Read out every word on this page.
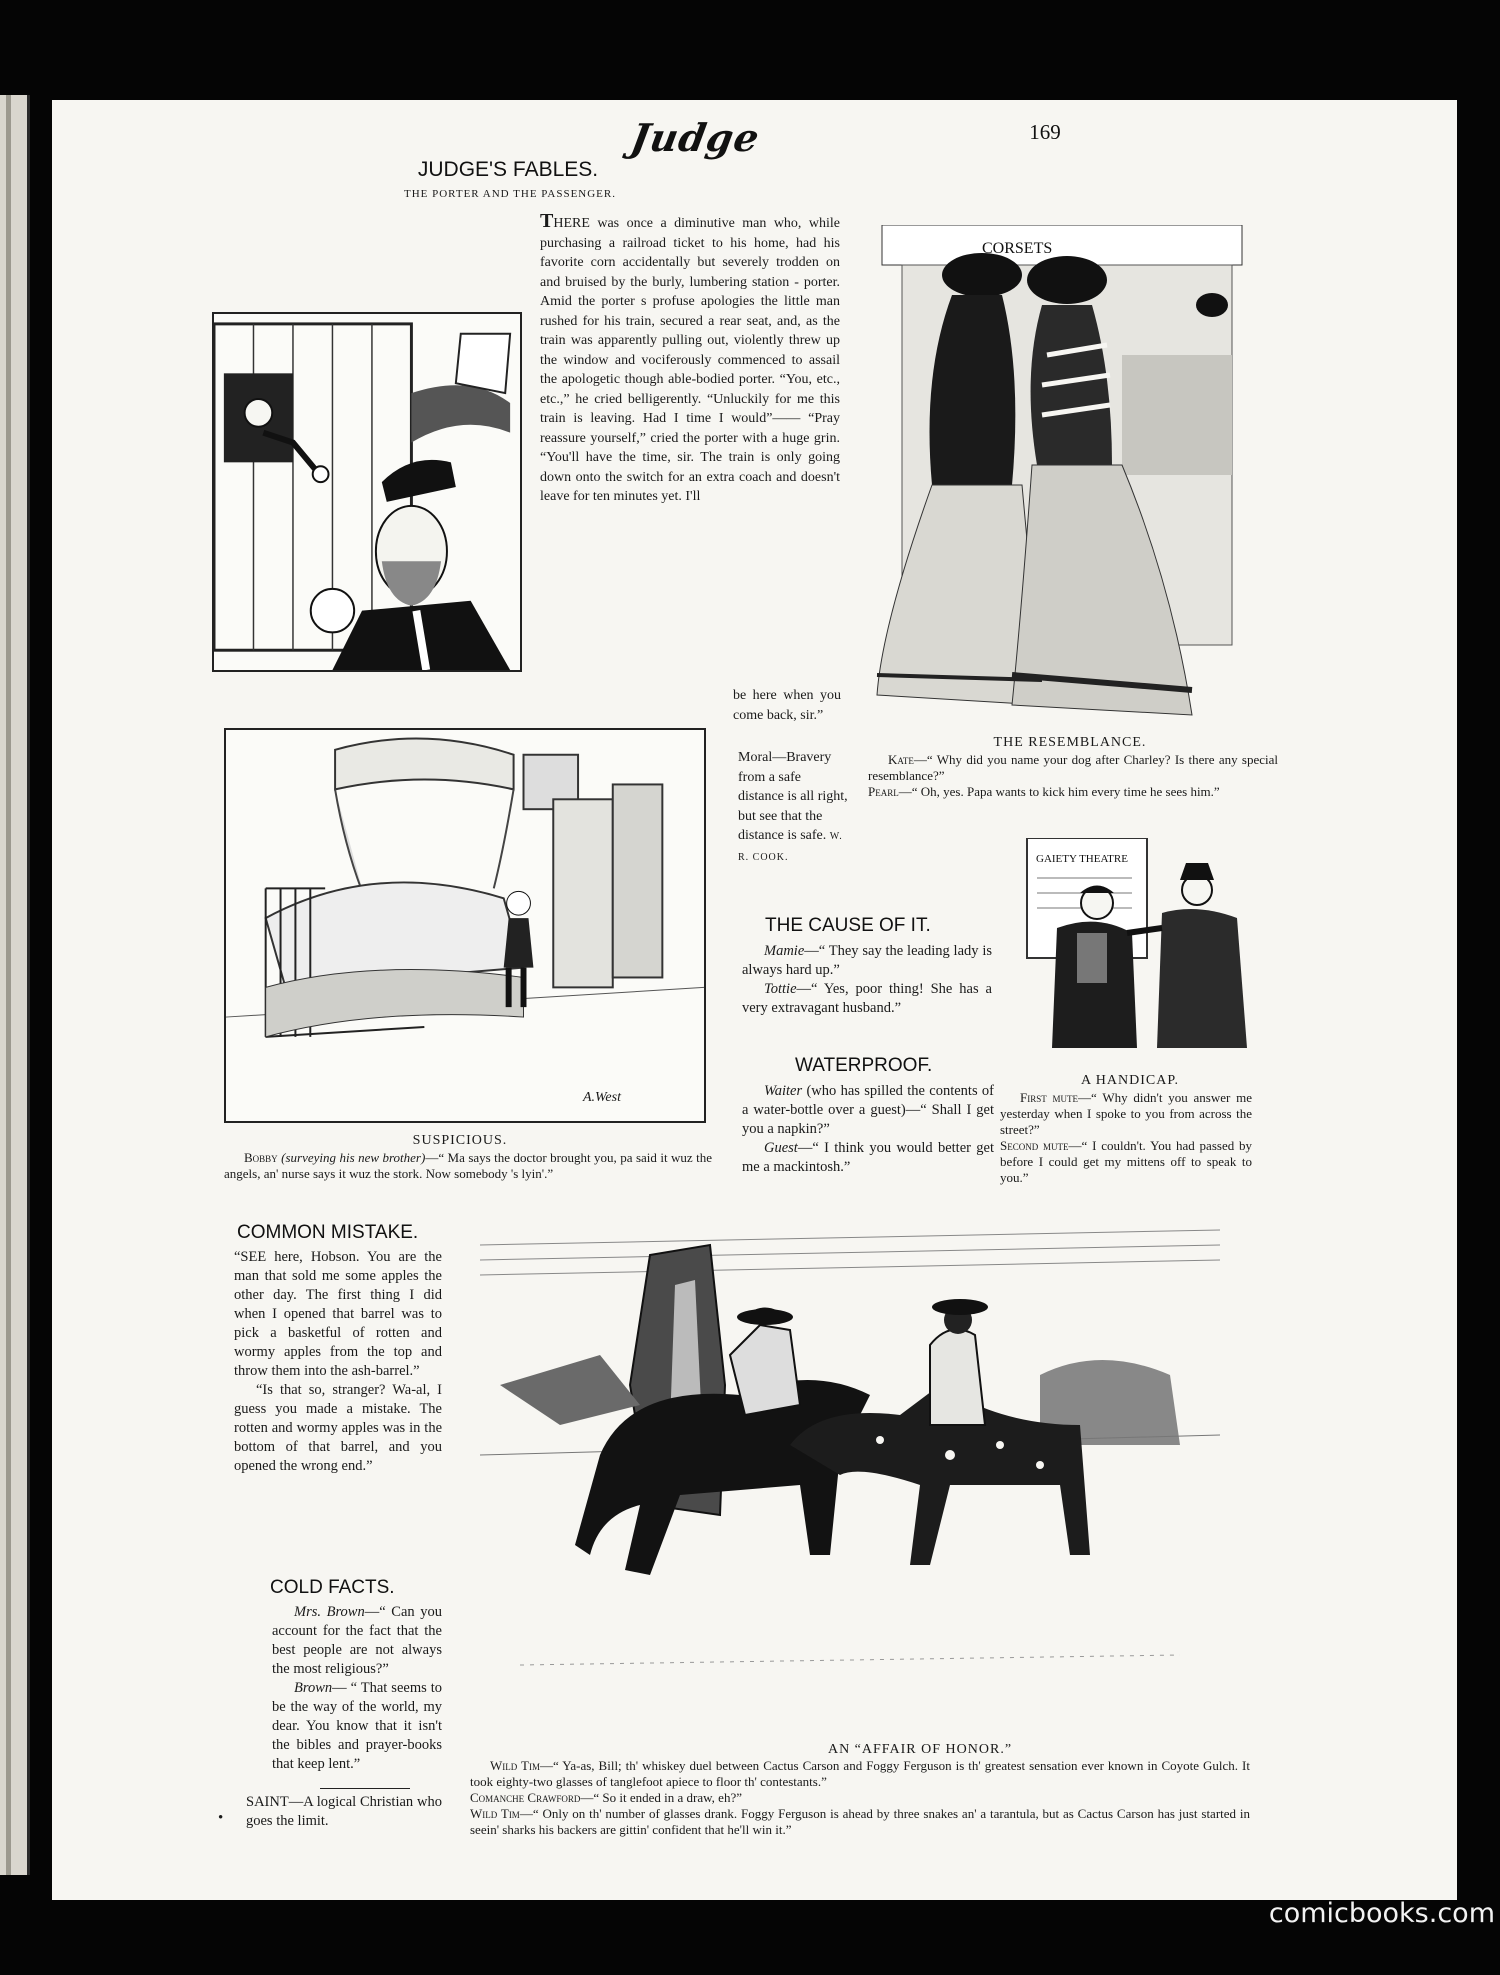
Judge	169
JUDGE'S FABLES.
THE PORTER AND THE PASSENGER.
THERE was once a diminutive man who, while purchasing a railroad ticket to his home, had his favorite corn accidentally but severely trodden on and bruised by the burly, lumbering station - porter. Amid the porter s profuse apologies the little man rushed for his train, secured a rear seat, and, as the train was apparently pulling out, violently threw up the window and vociferously commenced to assail the apologetic though able-bodied porter. “You, etc., etc.,” he cried belligerently. “Unluckily for me this train is leaving. Had I time I would”—— “Pray reassure yourself,” cried the porter with a huge grin. “You'll have the time, sir. The train is only going down onto the switch for an extra coach and doesn't leave for ten minutes yet. I'll
be here when you come back, sir.”
Moral—Bravery from a safe distance is all right, but see that the distance is safe. W. R. COOK.
CORSETS
THE RESEMBLANCE.
Kate—“ Why did you name your dog after Charley? Is there any special resemblance?”
Pearl—“ Oh, yes. Papa wants to kick him every time he sees him.”
A.West
SUSPICIOUS.
Bobby (surveying his new brother)—“ Ma says the doctor brought you, pa said it wuz the angels, an' nurse says it wuz the stork. Now somebody 's lyin'.”
THE CAUSE OF IT.

Mamie—“ They say the leading lady is always hard up.”

Tottie—“ Yes, poor thing! She has a very extravagant husband.”

WATERPROOF.

Waiter (who has spilled the contents of a water-bottle over a guest)—“ Shall I get you a napkin?”

Guest—“ I think you would better get me a mackintosh.”

GAIETY THEATRE
A HANDICAP.
First mute—“ Why didn't you answer me yesterday when I spoke to you from across the street?”
Second mute—“ I couldn't. You had passed by before I could get my mittens off to speak to you.”
COMMON MISTAKE.

“SEE here, Hobson. You are the man that sold me some apples the other day. The first thing I did when I opened that barrel was to pick a basketful of rotten and wormy apples from the top and throw them into the ash-barrel.”

“Is that so, stranger? Wa-al, I guess you made a mistake. The rotten and wormy apples was in the bottom of that barrel, and you opened the wrong end.”

COLD FACTS.

Mrs. Brown—“ Can you account for the fact that the best people are not always the most religious?”

Brown— “ That seems to be the way of the world, my dear. You know that it isn't the bibles and prayer-books that keep lent.”

•
SAINT—A logical Christian who goes the limit.
AN “AFFAIR OF HONOR.”
Wild Tim—“ Ya-as, Bill; th' whiskey duel between Cactus Carson and Foggy Ferguson is th' greatest sensation ever known in Coyote Gulch. It took eighty-two glasses of tanglefoot apiece to floor th' contestants.”
Comanche Crawford—“ So it ended in a draw, eh?”
Wild Tim—“ Only on th' number of glasses drank. Foggy Ferguson is ahead by three snakes an' a tarantula, but as Cactus Carson has just started in seein' sharks his backers are gittin' confident that he'll win it.”
comicbooks.com
